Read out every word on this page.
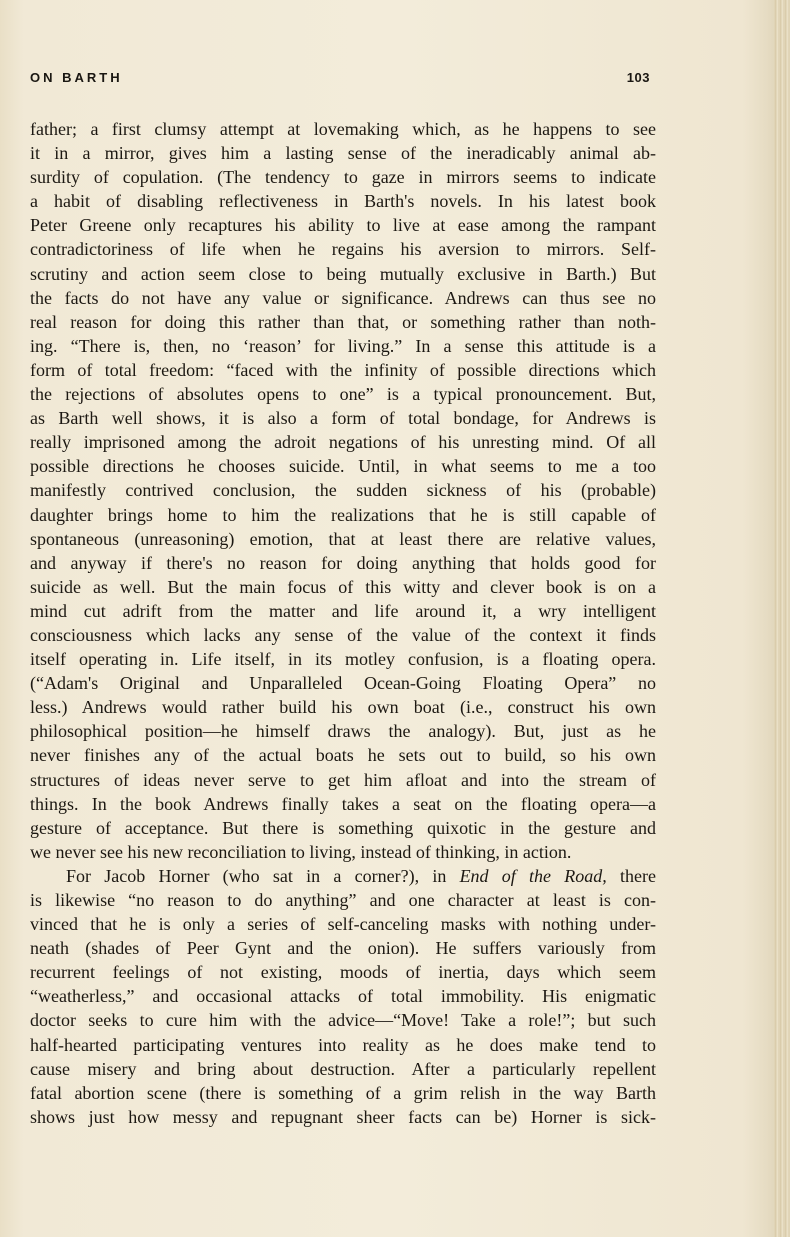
ON BARTH	103
father; a first clumsy attempt at lovemaking which, as he happens to see
it in a mirror, gives him a lasting sense of the ineradicably animal ab-
surdity of copulation. (The tendency to gaze in mirrors seems to indicate
a habit of disabling reflectiveness in Barth's novels. In his latest book
Peter Greene only recaptures his ability to live at ease among the rampant
contradictoriness of life when he regains his aversion to mirrors. Self-
scrutiny and action seem close to being mutually exclusive in Barth.) But
the facts do not have any value or significance. Andrews can thus see no
real reason for doing this rather than that, or something rather than noth-
ing. “There is, then, no ‘reason’ for living.” In a sense this attitude is a
form of total freedom: “faced with the infinity of possible directions which
the rejections of absolutes opens to one” is a typical pronouncement. But,
as Barth well shows, it is also a form of total bondage, for Andrews is
really imprisoned among the adroit negations of his unresting mind. Of all
possible directions he chooses suicide. Until, in what seems to me a too
manifestly contrived conclusion, the sudden sickness of his (probable)
daughter brings home to him the realizations that he is still capable of
spontaneous (unreasoning) emotion, that at least there are relative values,
and anyway if there's no reason for doing anything that holds good for
suicide as well. But the main focus of this witty and clever book is on a
mind cut adrift from the matter and life around it, a wry intelligent
consciousness which lacks any sense of the value of the context it finds
itself operating in. Life itself, in its motley confusion, is a floating opera.
(“Adam's Original and Unparalleled Ocean-Going Floating Opera” no
less.) Andrews would rather build his own boat (i.e., construct his own
philosophical position—he himself draws the analogy). But, just as he
never finishes any of the actual boats he sets out to build, so his own
structures of ideas never serve to get him afloat and into the stream of
things. In the book Andrews finally takes a seat on the floating opera—a
gesture of acceptance. But there is something quixotic in the gesture and
we never see his new reconciliation to living, instead of thinking, in action.
For Jacob Horner (who sat in a corner?), in End of the Road, there
is likewise “no reason to do anything” and one character at least is con-
vinced that he is only a series of self-canceling masks with nothing under-
neath (shades of Peer Gynt and the onion). He suffers variously from
recurrent feelings of not existing, moods of inertia, days which seem
“weatherless,” and occasional attacks of total immobility. His enigmatic
doctor seeks to cure him with the advice—“Move! Take a role!”; but such
half-hearted participating ventures into reality as he does make tend to
cause misery and bring about destruction. After a particularly repellent
fatal abortion scene (there is something of a grim relish in the way Barth
shows just how messy and repugnant sheer facts can be) Horner is sick-
